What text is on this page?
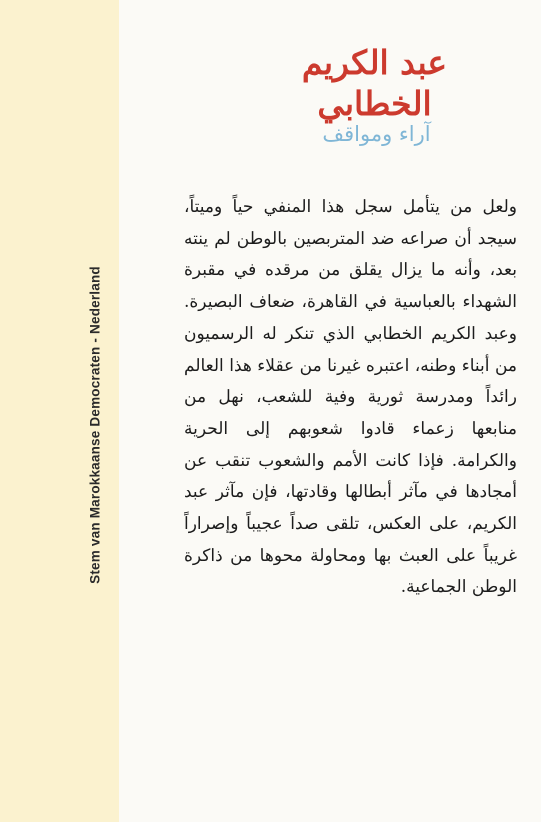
Stem van Marokkaanse Democraten - Nederland
عبد الكريم الخطابي
آراء ومواقف
ولعل من يتأمل سجل هذا المنفي حياً وميتاً، سيجد أن صراعه ضد المتربصين بالوطن لم ينته بعد، وأنه ما يزال يقلق من مرقده في مقبرة الشهداء بالعباسية في القاهرة، ضعاف البصيرة. وعبد الكريم الخطابي الذي تنكر له الرسميون من أبناء وطنه، اعتبره غيرنا من عقلاء هذا العالم رائداً ومدرسة ثورية وفية للشعب، نهل من منابعها زعماء قادوا شعوبهم إلى الحرية والكرامة. فإذا كانت الأمم والشعوب تنقب عن أمجادها في مآثر أبطالها وقادتها، فإن مآثر عبد الكريم، على العكس، تلقى صداً عجيباً وإصراراً غريباً على العبث بها ومحاولة محوها من ذاكرة الوطن الجماعية.
